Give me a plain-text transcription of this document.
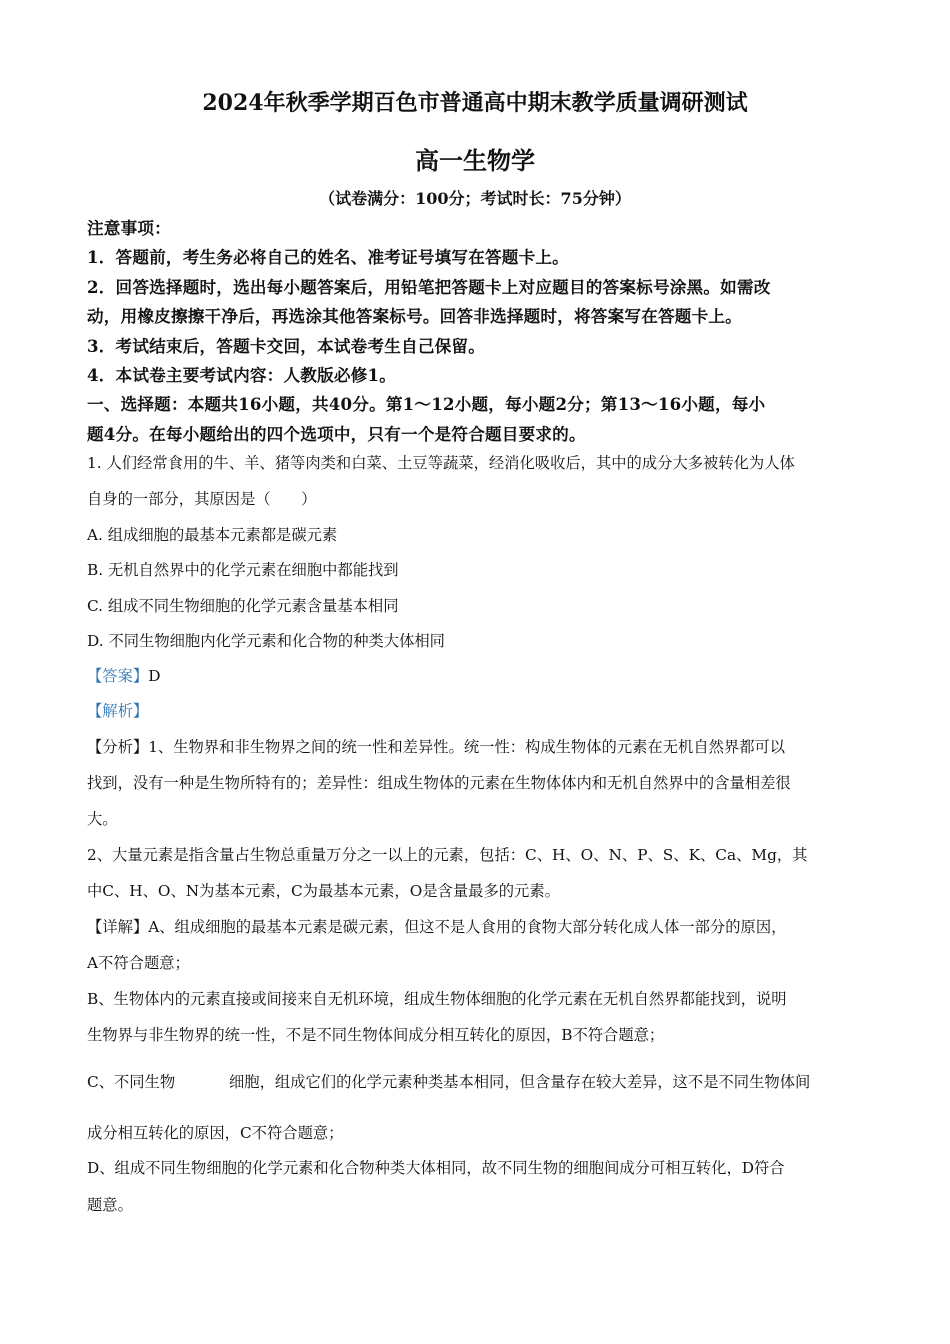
2024年秋季学期百色市普通高中期末教学质量调研测试

高一生物学

（试卷满分：100分；考试时长：75分钟）

注意事项：

1．答题前，考生务必将自己的姓名、准考证号填写在答题卡上。

2．回答选择题时，选出每小题答案后，用铅笔把答题卡上对应题目的答案标号涂黑。如需改

动，用橡皮擦擦干净后，再选涂其他答案标号。回答非选择题时，将答案写在答题卡上。

3．考试结束后，答题卡交回，本试卷考生自己保留。

4．本试卷主要考试内容：人教版必修1。

一、选择题：本题共16小题，共40分。第1～12小题，每小题2分；第13～16小题，每小

题4分。在每小题给出的四个选项中，只有一个是符合题目要求的。

1. 人们经常食用的牛、羊、猪等肉类和白菜、土豆等蔬菜，经消化吸收后，其中的成分大多被转化为人体

自身的一部分，其原因是（　　）

A. 组成细胞的最基本元素都是碳元素

B. 无机自然界中的化学元素在细胞中都能找到

C. 组成不同生物细胞的化学元素含量基本相同

D. 不同生物细胞内化学元素和化合物的种类大体相同

【答案】D

【解析】

【分析】1、生物界和非生物界之间的统一性和差异性。统一性：构成生物体的元素在无机自然界都可以

找到，没有一种是生物所特有的；差异性：组成生物体的元素在生物体体内和无机自然界中的含量相差很

大。

2、大量元素是指含量占生物总重量万分之一以上的元素，包括：C、H、O、N、P、S、K、Ca、Mg，其

中C、H、O、N为基本元素，C为最基本元素，O是含量最多的元素。

【详解】A、组成细胞的最基本元素是碳元素，但这不是人食用的食物大部分转化成人体一部分的原因，

A不符合题意；

B、生物体内的元素直接或间接来自无机环境，组成生物体细胞的化学元素在无机自然界都能找到，说明

生物界与非生物界的统一性，不是不同生物体间成分相互转化的原因，B不符合题意；

C、不同生物	细胞，组成它们的化学元素种类基本相同，但含量存在较大差异，这不是不同生物体间

成分相互转化的原因，C不符合题意；

D、组成不同生物细胞的化学元素和化合物种类大体相同，故不同生物的细胞间成分可相互转化，D符合

题意。
